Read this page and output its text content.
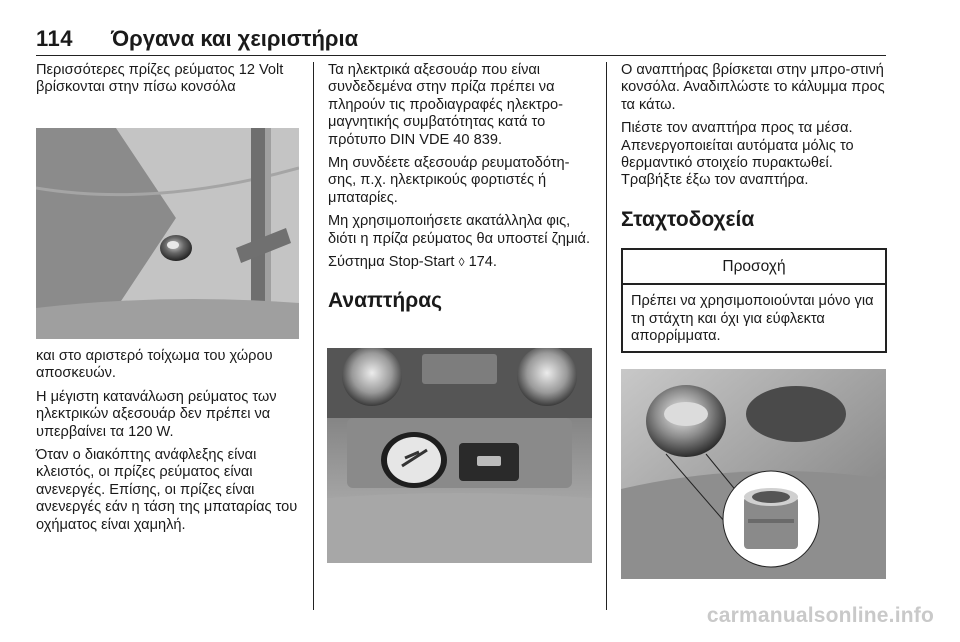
114 Όργανα και χειριστήρια

Περισσότερες πρίζες ρεύματος 12 Volt βρίσκονται στην πίσω κονσόλα

και στο αριστερό τοίχωμα του χώρου αποσκευών.

Η μέγιστη κατανάλωση ρεύματος των ηλεκτρικών αξεσουάρ δεν πρέπει να υπερβαίνει τα 120 W.

Όταν ο διακόπτης ανάφλεξης είναι κλειστός, οι πρίζες ρεύματος είναι ανενεργές. Επίσης, οι πρίζες είναι ανενεργές εάν η τάση της μπαταρίας του οχήματος είναι χαμηλή.

Τα ηλεκτρικά αξεσουάρ που είναι συνδεδεμένα στην πρίζα πρέπει να πληρούν τις προδιαγραφές ηλεκτρο-μαγνητικής συμβατότητας κατά το πρότυπο DIN VDE 40 839.

Μη συνδέετε αξεσουάρ ρευματοδότη-σης, π.χ. ηλεκτρικούς φορτιστές ή μπαταρίες.

Μη χρησιμοποιήσετε ακατάλληλα φις, διότι η πρίζα ρεύματος θα υποστεί ζημιά.

Σύστημα Stop-Start ◊ 174.

Αναπτήρας

Ο αναπτήρας βρίσκεται στην μπρο-στινή κονσόλα. Αναδιπλώστε το κάλυμμα προς τα κάτω.

Πιέστε τον αναπτήρα προς τα μέσα. Απενεργοποιείται αυτόματα μόλις το θερμαντικό στοιχείο πυρακτωθεί. Τραβήξτε έξω τον αναπτήρα.

Σταχτοδοχεία
Προσοχή
Πρέπει να χρησιμοποιούνται μόνο για τη στάχτη και όχι για εύφλεκτα απορρίμματα.
carmanualsonline.info
